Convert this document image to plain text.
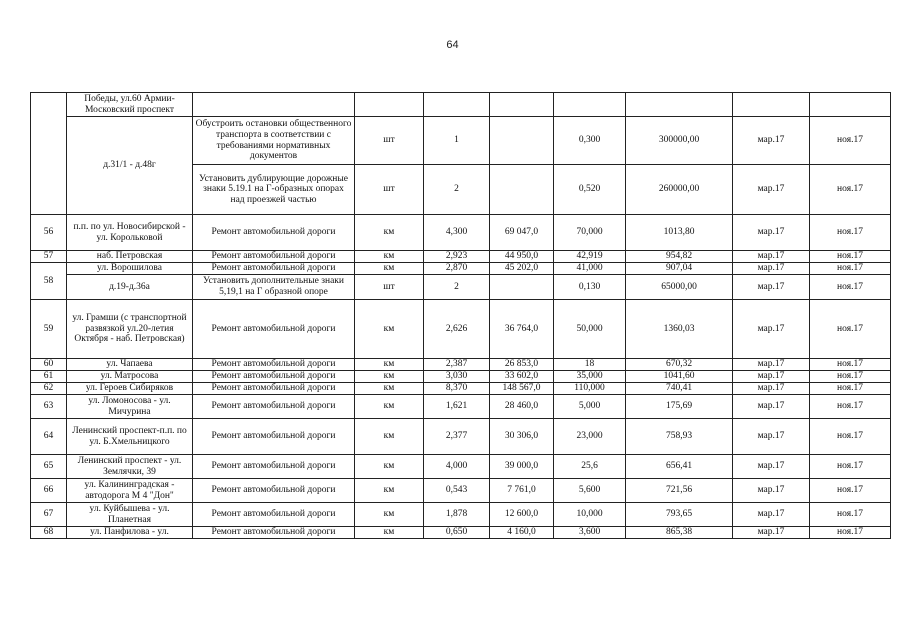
64
	Победы, ул.60 Армии-Московский проспект								
	д.31/1 - д.48г	Обустроить остановки общественного транспорта в соответствии с требованиями нормативных документов	шт	1		0,300	300000,00	мар.17	ноя.17
		Установить дублирующие дорожные знаки 5.19.1 на Г-образных опорах над проезжей частью	шт	2		0,520	260000,00	мар.17	ноя.17
56	п.п. по ул. Новосибирской - ул. Корольковой	Ремонт автомобильной дороги	км	4,300	69 047,0	70,000	1013,80	мар.17	ноя.17
57	наб. Петровская	Ремонт автомобильной дороги	км	2,923	44 950,0	42,919	954,82	мар.17	ноя.17
58	ул. Ворошилова	Ремонт автомобильной дороги	км	2,870	45 202,0	41,000	907,04	мар.17	ноя.17
	д.19-д.36а	Установить дополнительные знаки 5,19,1 на Г образной опоре	шт	2		0,130	65000,00	мар.17	ноя.17
59	ул. Грамши (с транспортной развязкой ул.20-летия Октября - наб. Петровская)	Ремонт автомобильной дороги	км	2,626	36 764,0	50,000	1360,03	мар.17	ноя.17
60	ул. Чапаева	Ремонт автомобильной дороги	км	2,387	26 853,0	18	670,32	мар.17	ноя.17
61	ул. Матросова	Ремонт автомобильной дороги	км	3,030	33 602,0	35,000	1041,60	мар.17	ноя.17
62	ул. Героев Сибиряков	Ремонт автомобильной дороги	км	8,370	148 567,0	110,000	740,41	мар.17	ноя.17
63	ул. Ломоносова - ул. Мичурина	Ремонт автомобильной дороги	км	1,621	28 460,0	5,000	175,69	мар.17	ноя.17
64	Ленинский проспект-п.п. по ул. Б.Хмельницкого	Ремонт автомобильной дороги	км	2,377	30 306,0	23,000	758,93	мар.17	ноя.17
65	Ленинский проспект - ул. Землячки, 39	Ремонт автомобильной дороги	км	4,000	39 000,0	25,6	656,41	мар.17	ноя.17
66	ул. Калининградская - автодорога М 4 "Дон"	Ремонт автомобильной дороги	км	0,543	7 761,0	5,600	721,56	мар.17	ноя.17
67	ул. Куйбышева - ул. Планетная	Ремонт автомобильной дороги	км	1,878	12 600,0	10,000	793,65	мар.17	ноя.17
68	ул. Панфилова - ул.	Ремонт автомобильной дороги	км	0,650	4 160,0	3,600	865,38	мар.17	ноя.17
